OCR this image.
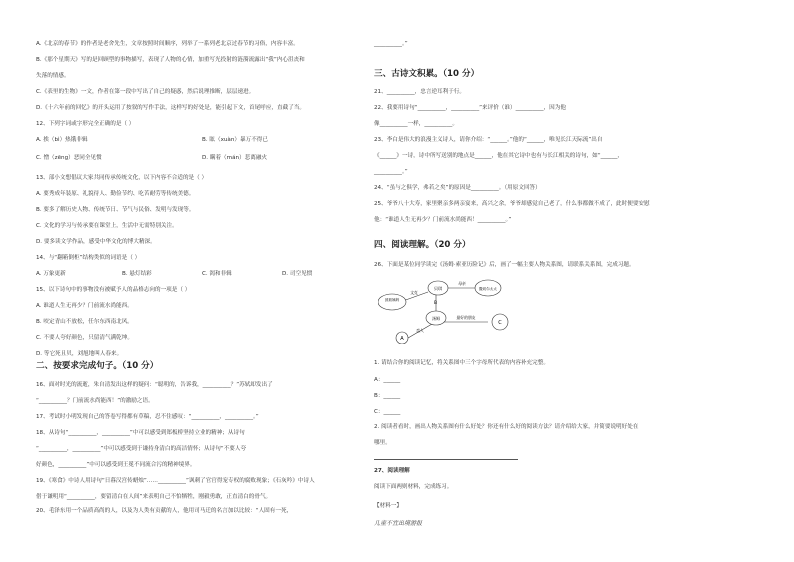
A.《北京的春节》的作者是老舍先生，文章按照时间顺序，列举了一系列老北京过春节的习俗，内容丰富。
B.《那个星期天》写的是回顾型的事物描写，表现了人物的心情，加重写光投射的涟漪流露出“我”内心沮丧和
失落的情感。
C.《表里的生物》一文，作者在第一段中写出了自己的疑惑，然后说理推断，层层递进。
D.《十六年前的回忆》的开头运用了按叙的写作手法，这样写的好处是，能引起下文，首尾呼应，直截了当。
12、下列字词或字形完全正确的是（ ）
A. 挨（bì）热饿非辑	B. 眩（xuàn）暴万不得已
C. 憎（zēng）恶同全见惯	D. 瞒着（mán）悲离融火
13、部小文想倡议大家共同传承传统文化，以下内容不合适的是（ ）
A. 要秀成年装原、礼貌待人、勤俭节约、吃苦耐劳等传统美德。
B. 要多了解历史人物、传统节日、节气与民俗、发明与发现等。
C. 文化的学习与传承要在课堂上，生活中无需特别关注。
D. 要多读文学作品，感受中华文化的博大精深。
14、与“翻箱倒柜”结构类似的词语是（ ）
A. 万象更新	B. 悬灯结彩	C. 渴和非辑	D. 司空见惯
15、以下诗句中的事物没有被赋予人的品格志向的一项是（ ）
A. 谁道人生无再少？门前流水尚能西。
B. 咬定青山不放松，任尔东西南北风。
C. 不要人夸好颜色，只留清气满乾坤。
D. 等它死且贝，刘旭地叫人春来。
二、按要求完成句子。（10 分）
16、面对时光的流逝，朱自清发出这样的疑问：“聪明的，告诉我，__________？”苏轼却发出了
“__________？门前流水尚能西！”的激励之语。
17、考试时小明发现自己的答卷写得都有草稿，忍不住感叹：“__________，__________。”
18、从诗句“__________，__________”中可以感受到郑板桥坚持立业的精神；从诗句
“__________，__________”中可以感受到于谦持身清白的高洁情怀；从诗句“不要人夸
好颜色，__________”中可以感受到王冕不同流合污的精神境界。
19、《寒食》中诗人用诗句“日暮汉宫传蜡烛”……__________”讽刺了官官得宠专权的腐败现象；《石灰吟》中诗人
借于谦明用“__________，要留清白在人间”来表明自己不怕牺牲，刚毅勇敢，正直清白的骨气。
20、毛泽东用一个品质高尚的人，以及为人类有贡献的人，他用司马迁的名言加以比较：“人固有一死，
__________。”
三、古诗文积累。（10 分）
21、__________，忠言逆耳利于行。
22、我要用诗句“__________，__________”来评价（谁）__________，因为他
像__________一样，__________。
23、李白是伟大的浪漫主义诗人，请你介绍：“______。”他的“______，唯见长江天际流”出自
《______》一诗，诗中所写送别的地点是______，他在其它诗中也有与长江相关的诗句，如“______，
__________。”
24、“虽与之俱学，弗若之矣”的原因是__________。（用原文回答）
25、爷爷八十大寿，家里聚亲多两亲宴来，高兴之余，爷爷却感觉自己老了，什么事都做不成了，此时便要安慰
他：“谁道人生无再少？门前流水尚能西！__________。”
四、阅读理解。（20 分）
26、下面是某位同学读完《汤姆·索亚历险记》后，画了一幅主要人物关系图，请联系关系图，完成习题。
1. 请结合你的阅读记忆，将关系图中三个字母所代表的内容补充完整。
A：______
B：______
C：______
2. 阅读者看时，画出人物关系图有什么好处？你还有什么好的阅读方法？请介绍给大家，并简要说明好处在
哪里。
27、阅读理解
阅读下面两则材料，完成练习。
【材料一】
儿童不宜出境游报
波莉姨妈
贝琪	撒切尔太太
汤姆
C
A
B
母亲
最好的朋友
恋人
文克
